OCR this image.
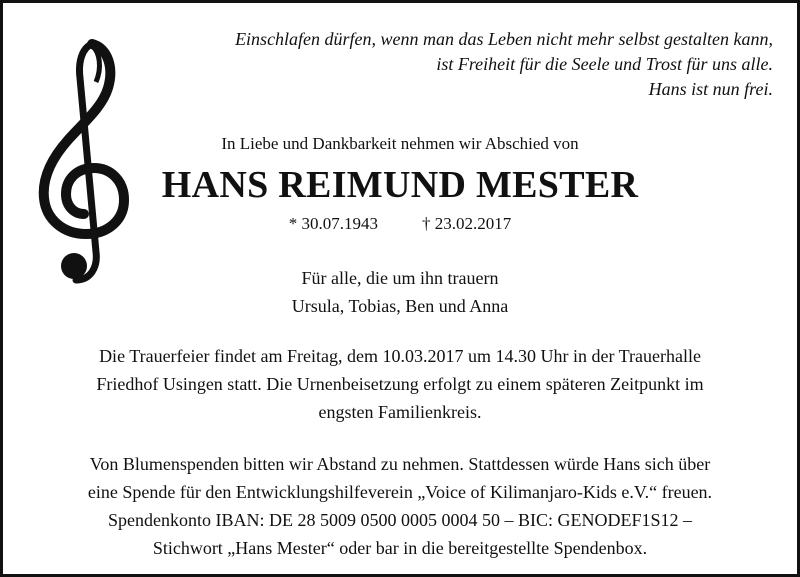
Einschlafen dürfen, wenn man das Leben nicht mehr selbst gestalten kann,
ist Freiheit für die Seele und Trost für uns alle.
Hans ist nun frei.
In Liebe und Dankbarkeit nehmen wir Abschied von
HANS REIMUND MESTER
* 30.07.1943	† 23.02.2017
Für alle, die um ihn trauern
Ursula, Tobias, Ben und Anna
Die Trauerfeier findet am Freitag, dem 10.03.2017 um 14.30 Uhr in der Trauerhalle
Friedhof Usingen statt. Die Urnenbeisetzung erfolgt zu einem späteren Zeitpunkt im
engsten Familienkreis.
Von Blumenspenden bitten wir Abstand zu nehmen. Stattdessen würde Hans sich über
eine Spende für den Entwicklungshilfeverein „Voice of Kilimanjaro-Kids e.V.“ freuen.
Spendenkonto IBAN: DE 28 5009 0500 0005 0004 50 – BIC: GENODEF1S12 –
Stichwort „Hans Mester“ oder bar in die bereitgestellte Spendenbox.
